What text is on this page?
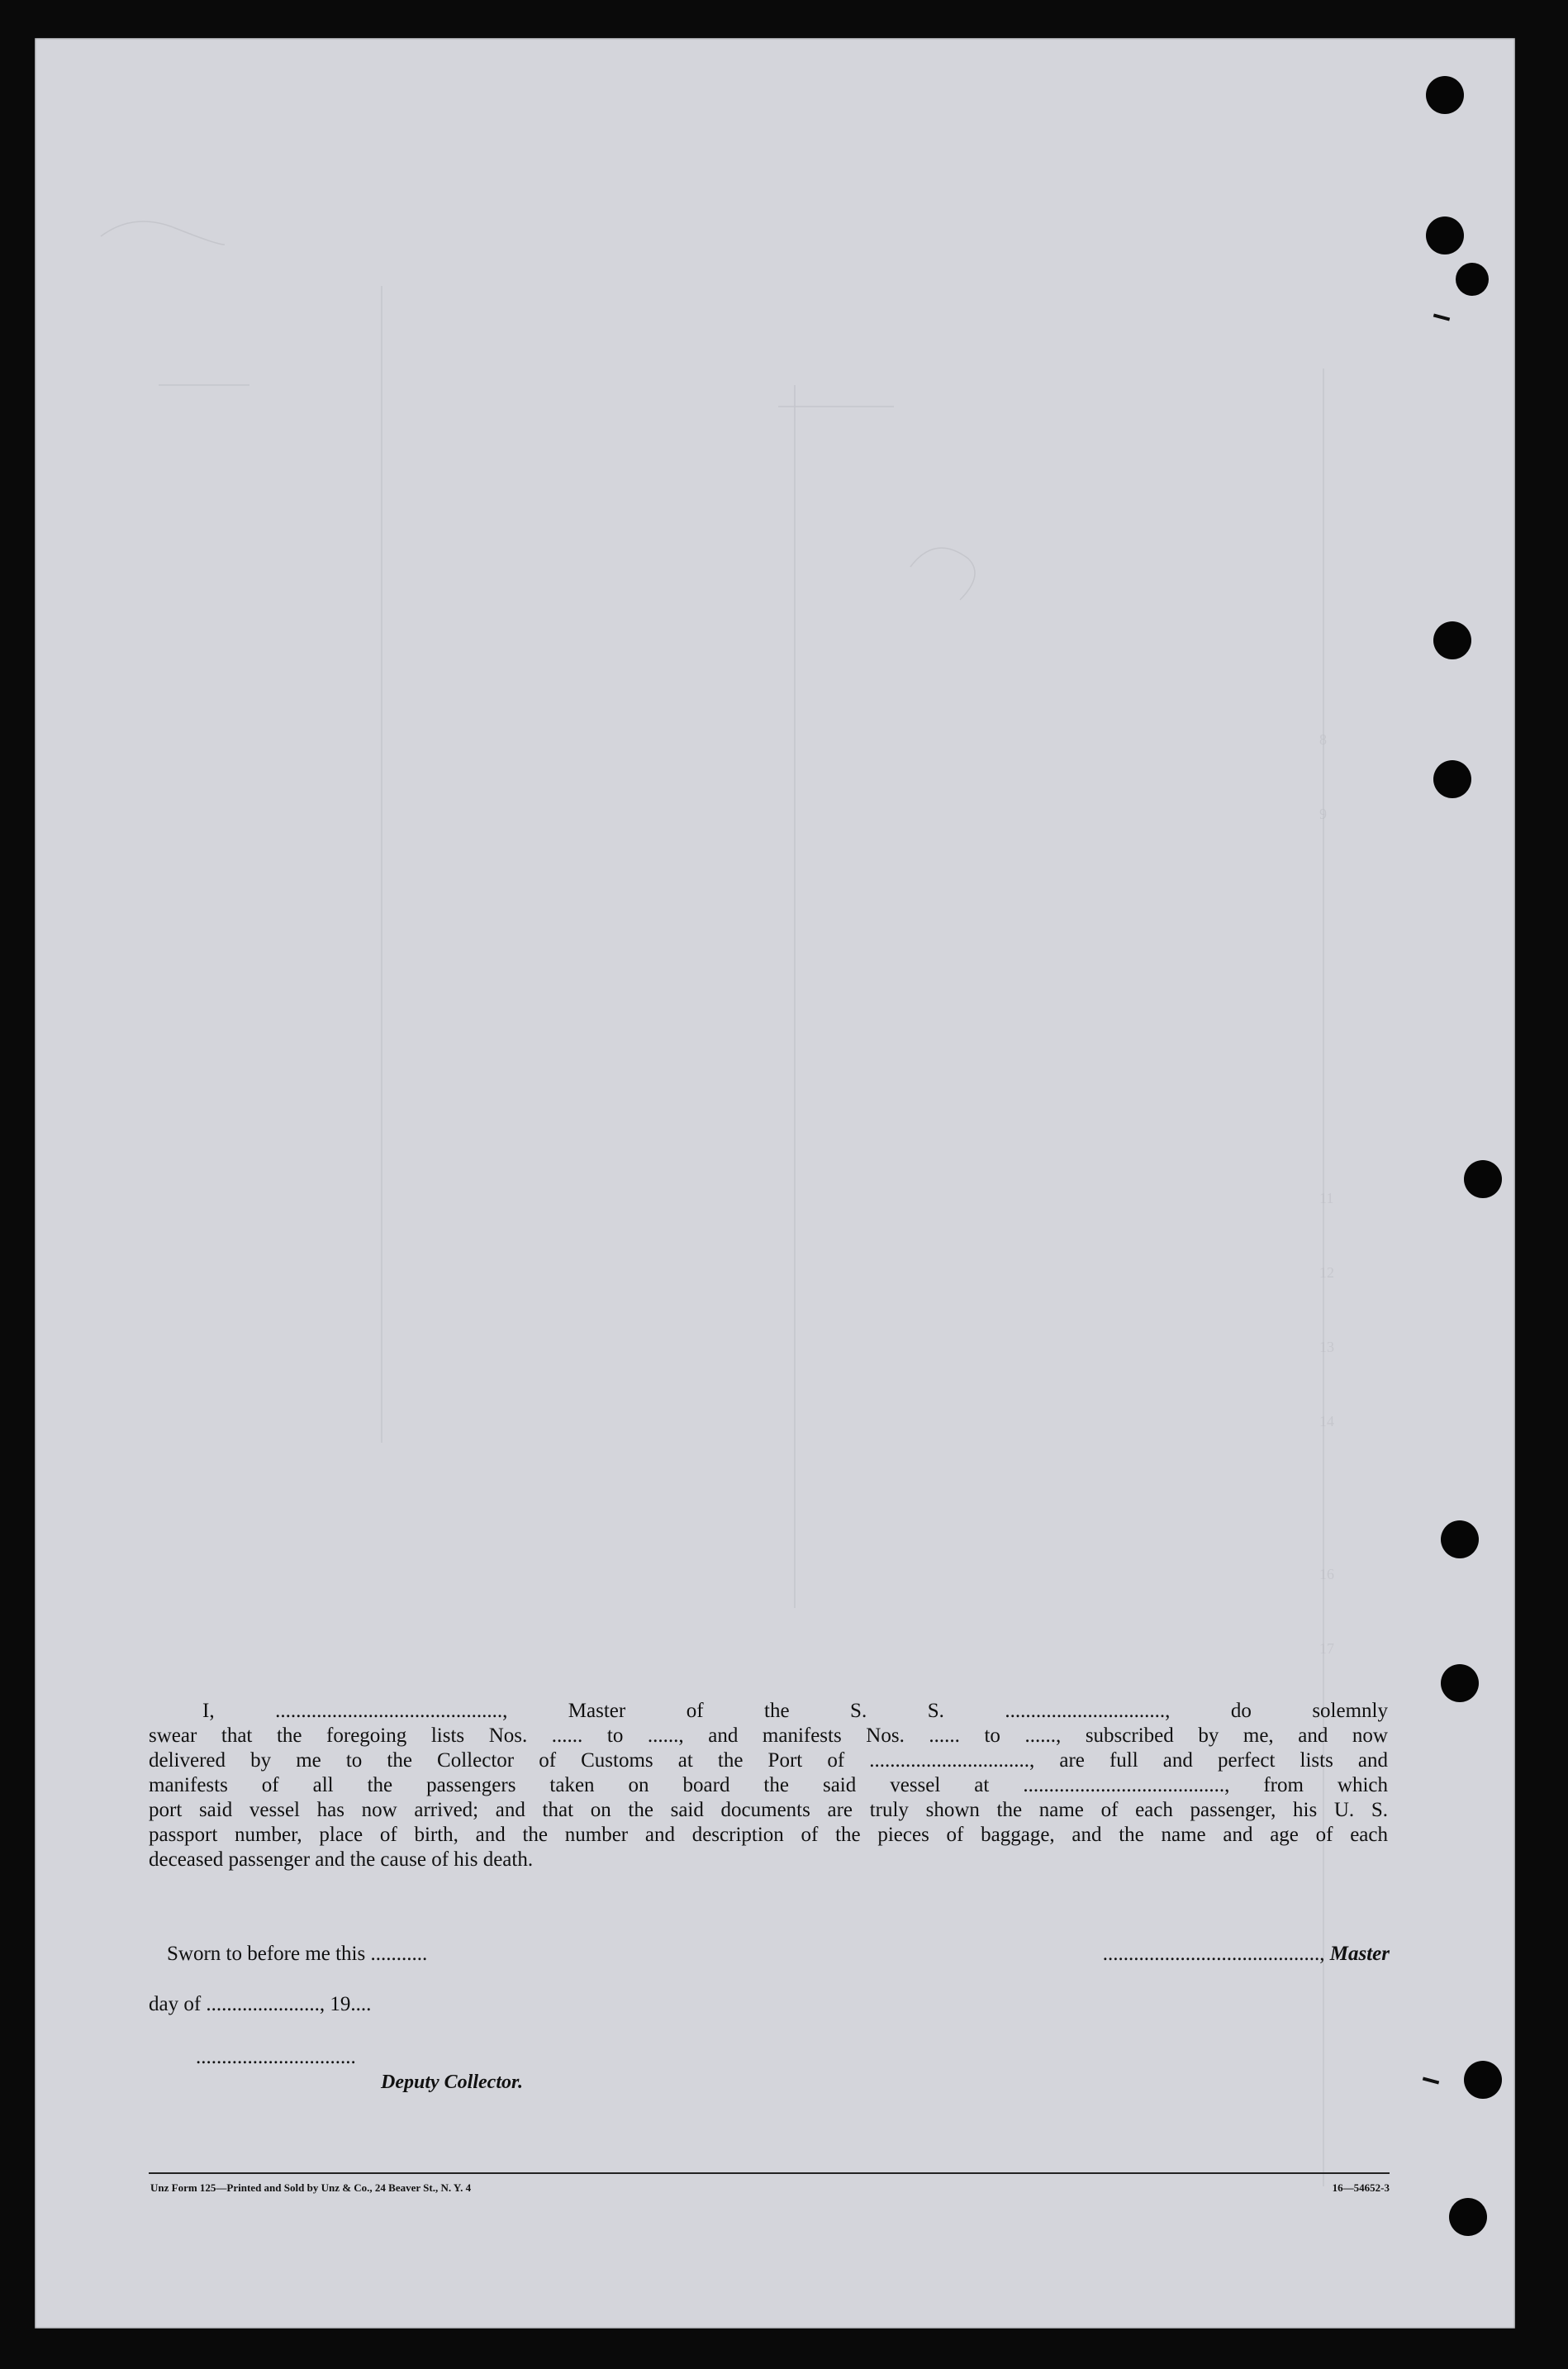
8
9
11
12
13
14
16
17
I, ............................................, Master of the S. S. ..............................., do solemnly
swear that the foregoing lists Nos. ...... to ......, and manifests Nos. ...... to ......, subscribed by me, and now
delivered by me to the Collector of Customs at the Port of ..............................., are full and perfect lists and
manifests of all the passengers taken on board the said vessel at ......................................., from which
port said vessel has now arrived; and that on the said documents are truly shown the name of each passenger, his U. S.
passport number, place of birth, and the number and description of the pieces of baggage, and the name and age of each
deceased passenger and the cause of his death.
Sworn to before me this ...........	.........................................., Master
day of ......................, 19....
...............................
Deputy Collector.
Unz Form 125—Printed and Sold by Unz & Co., 24 Beaver St., N. Y. 4	16—54652-3
